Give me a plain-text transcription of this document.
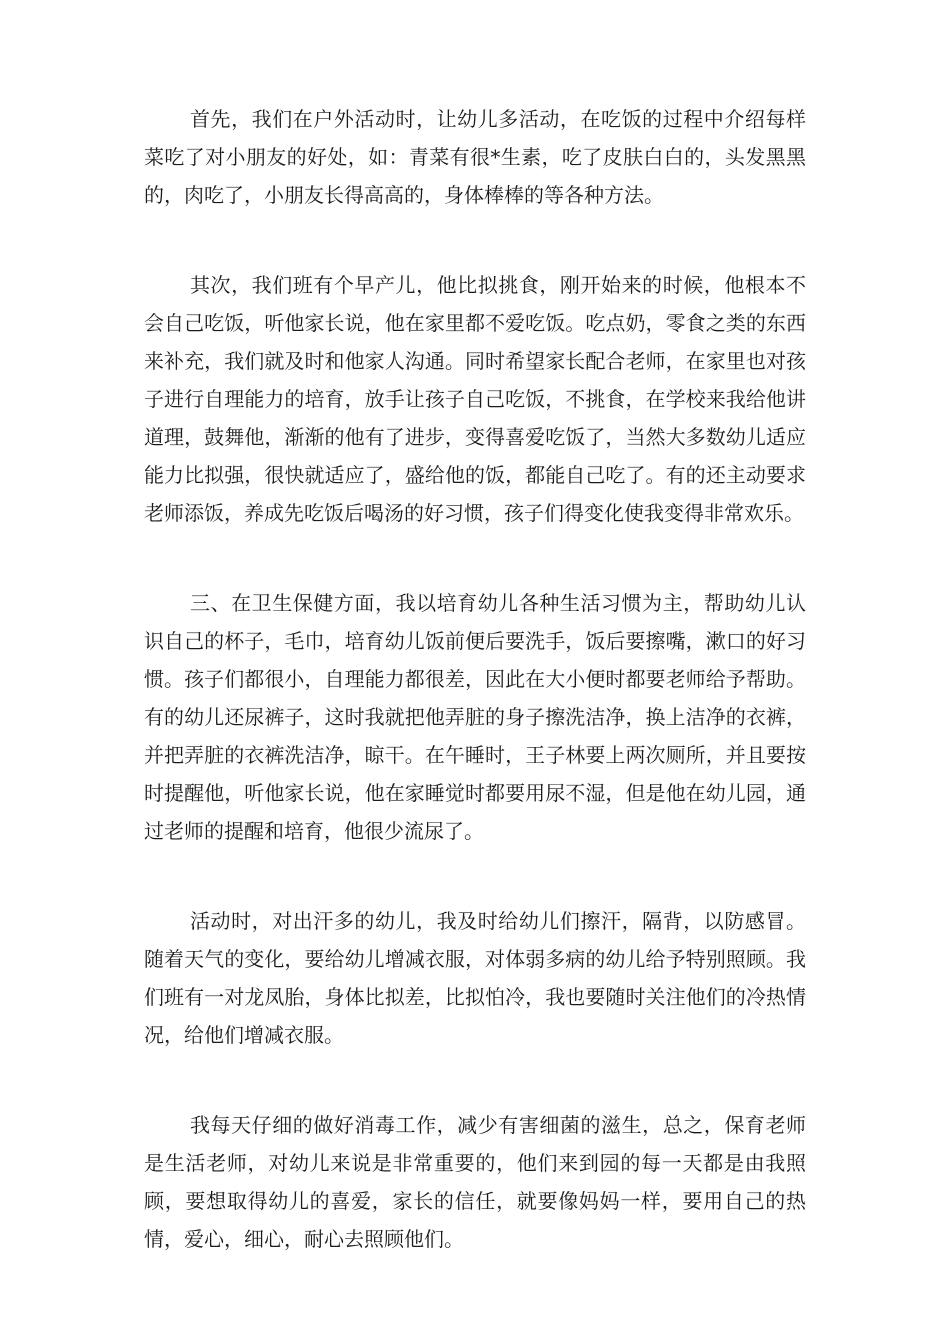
首先，我们在户外活动时，让幼儿多活动，在吃饭的过程中介绍每样菜吃了对小朋友的好处，如：青菜有很*生素，吃了皮肤白白的，头发黑黑的，肉吃了，小朋友长得高高的，身体棒棒的等各种方法。

其次，我们班有个早产儿，他比拟挑食，刚开始来的时候，他根本不会自己吃饭，听他家长说，他在家里都不爱吃饭。吃点奶，零食之类的东西来补充，我们就及时和他家人沟通。同时希望家长配合老师，在家里也对孩子进行自理能力的培育，放手让孩子自己吃饭，不挑食，在学校来我给他讲道理，鼓舞他，渐渐的他有了进步，变得喜爱吃饭了，当然大多数幼儿适应能力比拟强，很快就适应了，盛给他的饭，都能自己吃了。有的还主动要求老师添饭，养成先吃饭后喝汤的好习惯，孩子们得变化使我变得非常欢乐。

三、在卫生保健方面，我以培育幼儿各种生活习惯为主，帮助幼儿认识自己的杯子，毛巾，培育幼儿饭前便后要洗手，饭后要擦嘴，漱口的好习惯。孩子们都很小，自理能力都很差，因此在大小便时都要老师给予帮助。有的幼儿还尿裤子，这时我就把他弄脏的身子擦洗洁净，换上洁净的衣裤，并把弄脏的衣裤洗洁净，晾干。在午睡时，王子林要上两次厕所，并且要按时提醒他，听他家长说，他在家睡觉时都要用尿不湿，但是他在幼儿园，通过老师的提醒和培育，他很少流尿了。

活动时，对出汗多的幼儿，我及时给幼儿们擦汗，隔背，以防感冒。随着天气的变化，要给幼儿增减衣服，对体弱多病的幼儿给予特别照顾。我们班有一对龙凤胎，身体比拟差，比拟怕冷，我也要随时关注他们的冷热情况，给他们增减衣服。

我每天仔细的做好消毒工作，减少有害细菌的滋生，总之，保育老师是生活老师，对幼儿来说是非常重要的，他们来到园的每一天都是由我照顾，要想取得幼儿的喜爱，家长的信任，就要像妈妈一样，要用自己的热情，爱心，细心，耐心去照顾他们。
